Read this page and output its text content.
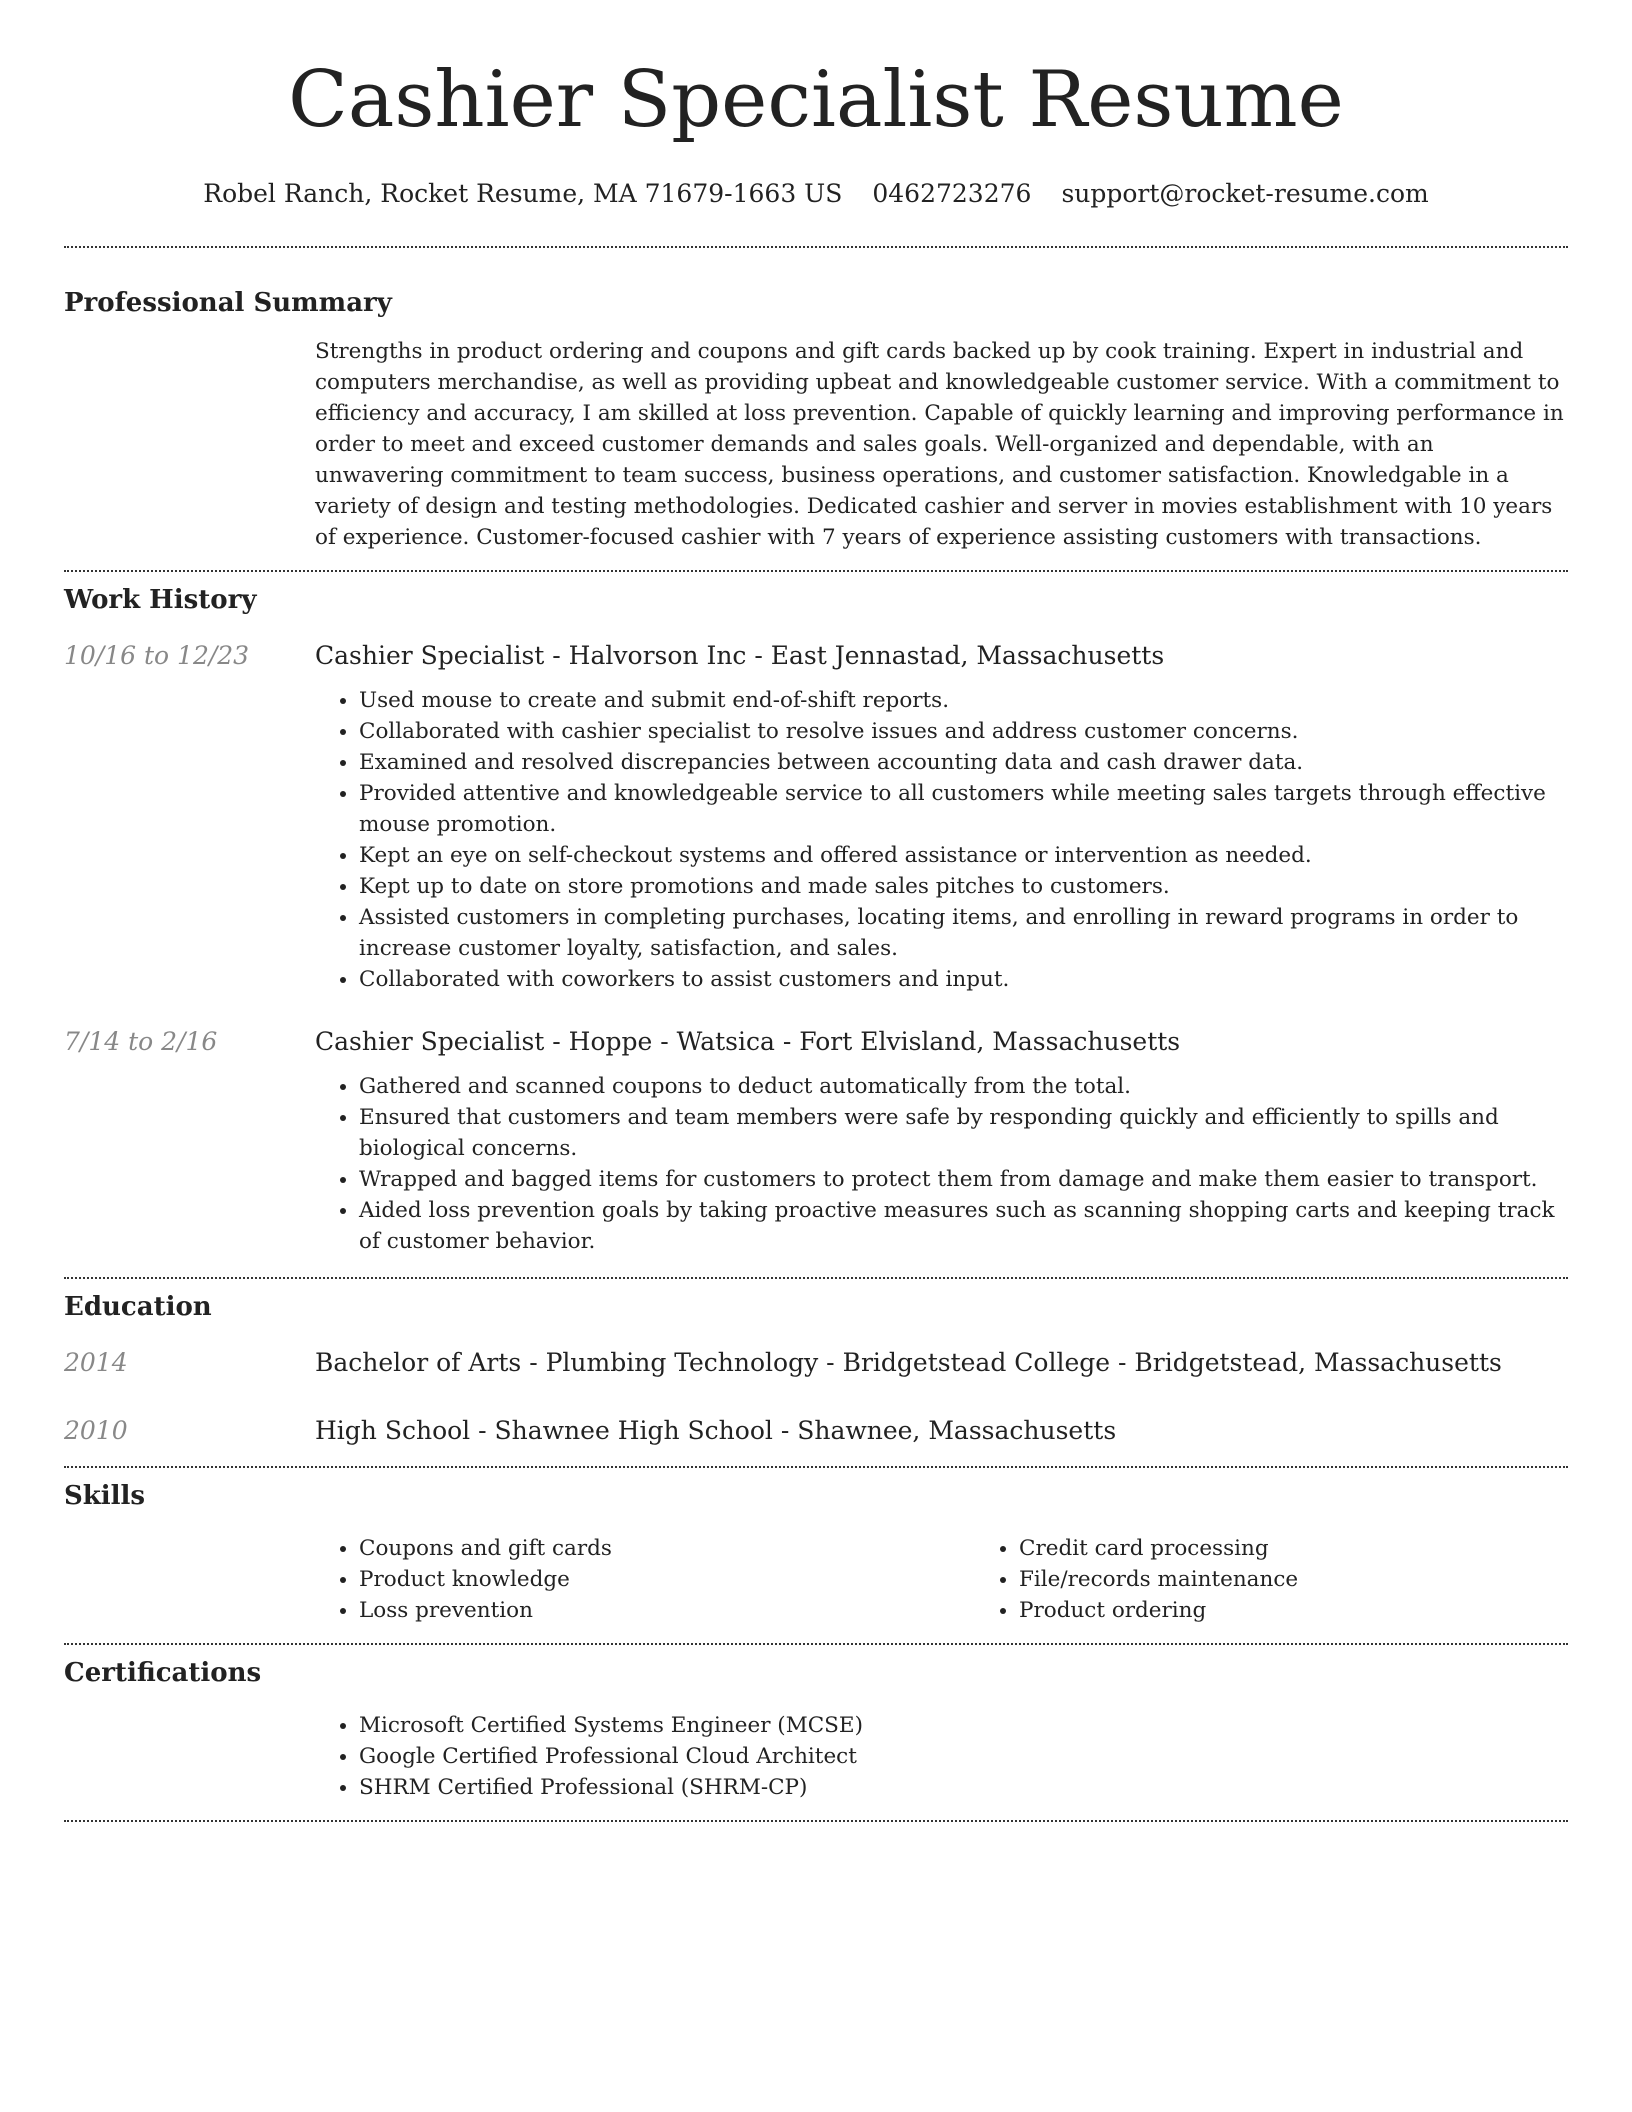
Cashier Specialist Resume
Robel Ranch, Rocket Resume, MA 71679-1663 US 0462723276 support@rocket-resume.com
Professional Summary

Strengths in product ordering and coupons and gift cards backed up by cook training. Expert in industrial and computers merchandise, as well as providing upbeat and knowledgeable customer service. With a commitment to efficiency and accuracy, I am skilled at loss prevention. Capable of quickly learning and improving performance in order to meet and exceed customer demands and sales goals. Well-organized and dependable, with an unwavering commitment to team success, business operations, and customer satisfaction. Knowledgable in a variety of design and testing methodologies. Dedicated cashier and server in movies establishment with 10 years of experience. Customer-focused cashier with 7 years of experience assisting customers with transactions.

Work History
10/16 to 12/23	Cashier Specialist - Halvorson Inc - East Jennastad, Massachusetts
• Used mouse to create and submit end-of-shift reports.
• Collaborated with cashier specialist to resolve issues and address customer concerns.
• Examined and resolved discrepancies between accounting data and cash drawer data.
• Provided attentive and knowledgeable service to all customers while meeting sales targets through effective mouse promotion.
• Kept an eye on self-checkout systems and offered assistance or intervention as needed.
• Kept up to date on store promotions and made sales pitches to customers.
• Assisted customers in completing purchases, locating items, and enrolling in reward programs in order to increase customer loyalty, satisfaction, and sales.
• Collaborated with coworkers to assist customers and input.
7/14 to 2/16	Cashier Specialist - Hoppe - Watsica - Fort Elvisland, Massachusetts
• Gathered and scanned coupons to deduct automatically from the total.
• Ensured that customers and team members were safe by responding quickly and efficiently to spills and biological concerns.
• Wrapped and bagged items for customers to protect them from damage and make them easier to transport.
• Aided loss prevention goals by taking proactive measures such as scanning shopping carts and keeping track of customer behavior.
Education
2014	Bachelor of Arts - Plumbing Technology - Bridgetstead College - Bridgetstead, Massachusetts
2010	High School - Shawnee High School - Shawnee, Massachusetts
Skills
• Coupons and gift cards
• Product knowledge
• Loss prevention
• Credit card processing
• File/records maintenance
• Product ordering
Certifications
• Microsoft Certified Systems Engineer (MCSE)
• Google Certified Professional Cloud Architect
• SHRM Certified Professional (SHRM-CP)
